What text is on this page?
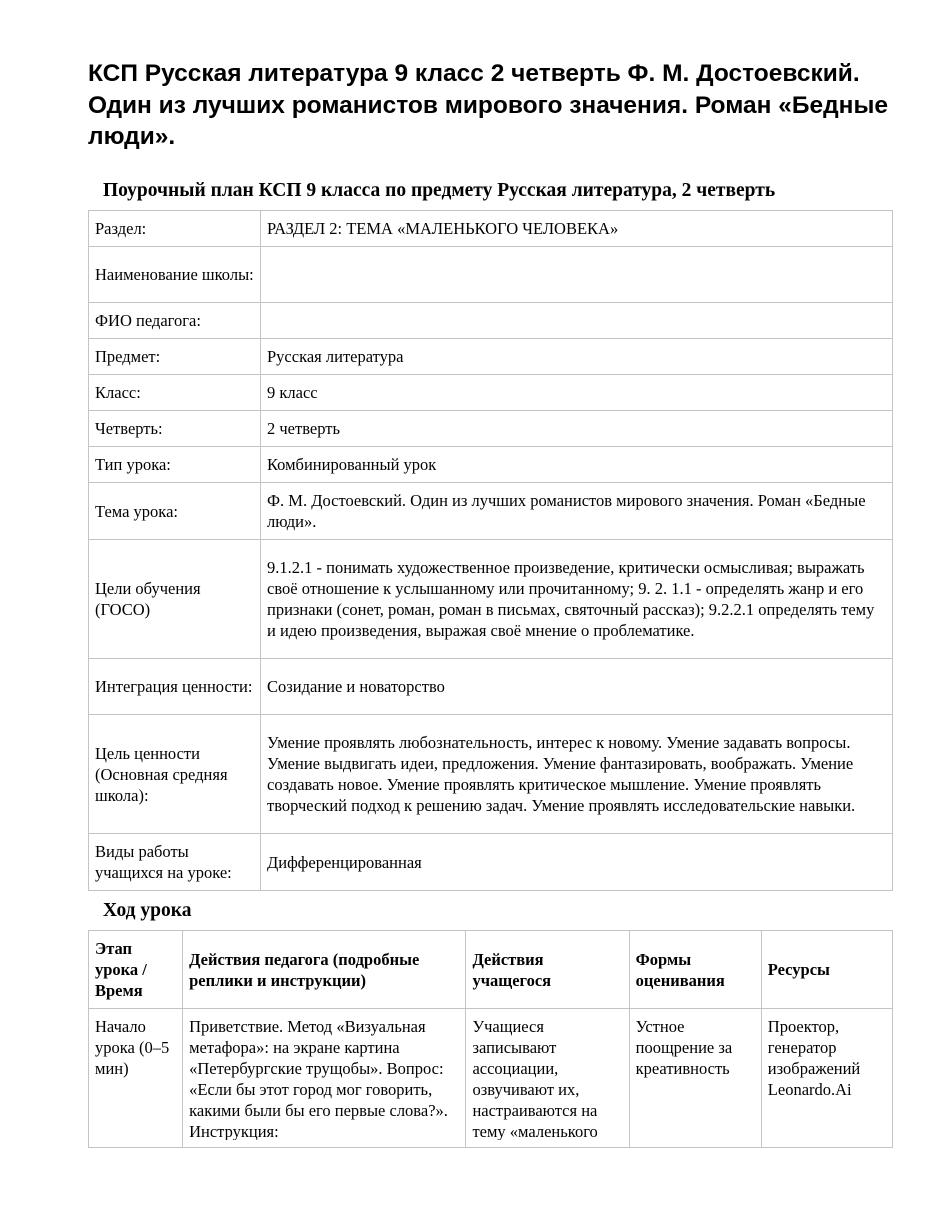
КСП Русская литература 9 класс 2 четверть Ф. М. Достоевский. Один из лучших романистов мирового значения. Роман «Бедные люди».
Поурочный план КСП 9 класса по предмету Русская литература, 2 четверть
Раздел:	РАЗДЕЛ 2: ТЕМА «МАЛЕНЬКОГО ЧЕЛОВЕКА»
Наименование школы:	
ФИО педагога:	
Предмет:	Русская литература
Класс:	9 класс
Четверть:	2 четверть
Тип урока:	Комбинированный урок
Тема урока:	Ф. М. Достоевский. Один из лучших романистов мирового значения. Роман «Бедные люди».
Цели обучения (ГОСО)	9.1.2.1 - понимать художественное произведение, критически осмысливая; выражать своё отношение к услышанному или прочитанному; 9. 2. 1.1 - определять жанр и его признаки (сонет, роман, роман в письмах, святочный рассказ); 9.2.2.1 определять тему и идею произведения, выражая своё мнение о проблематике.
Интеграция ценности:	Созидание и новаторство
Цель ценности (Основная средняя школа):	Умение проявлять любознательность, интерес к новому. Умение задавать вопросы. Умение выдвигать идеи, предложения. Умение фантазировать, воображать. Умение создавать новое. Умение проявлять критическое мышление. Умение проявлять творческий подход к решению задач. Умение проявлять исследовательские навыки.
Виды работы учащихся на уроке:	Дифференцированная
Ход урока
Этап урока / Время	Действия педагога (подробные реплики и инструкции)	Действия учащегося	Формы оценивания	Ресурсы

Начало урока (0–5 мин)	Приветствие. Метод «Визуальная метафора»: на экране картина «Петербургские трущобы». Вопрос: «Если бы этот город мог говорить, какими были бы его первые слова?». Инструкция:	Учащиеся записывают ассоциации, озвучивают их, настраиваются на тему «маленького	Устное поощрение за креативность	Проектор, генератор изображений Leonardo.Ai
